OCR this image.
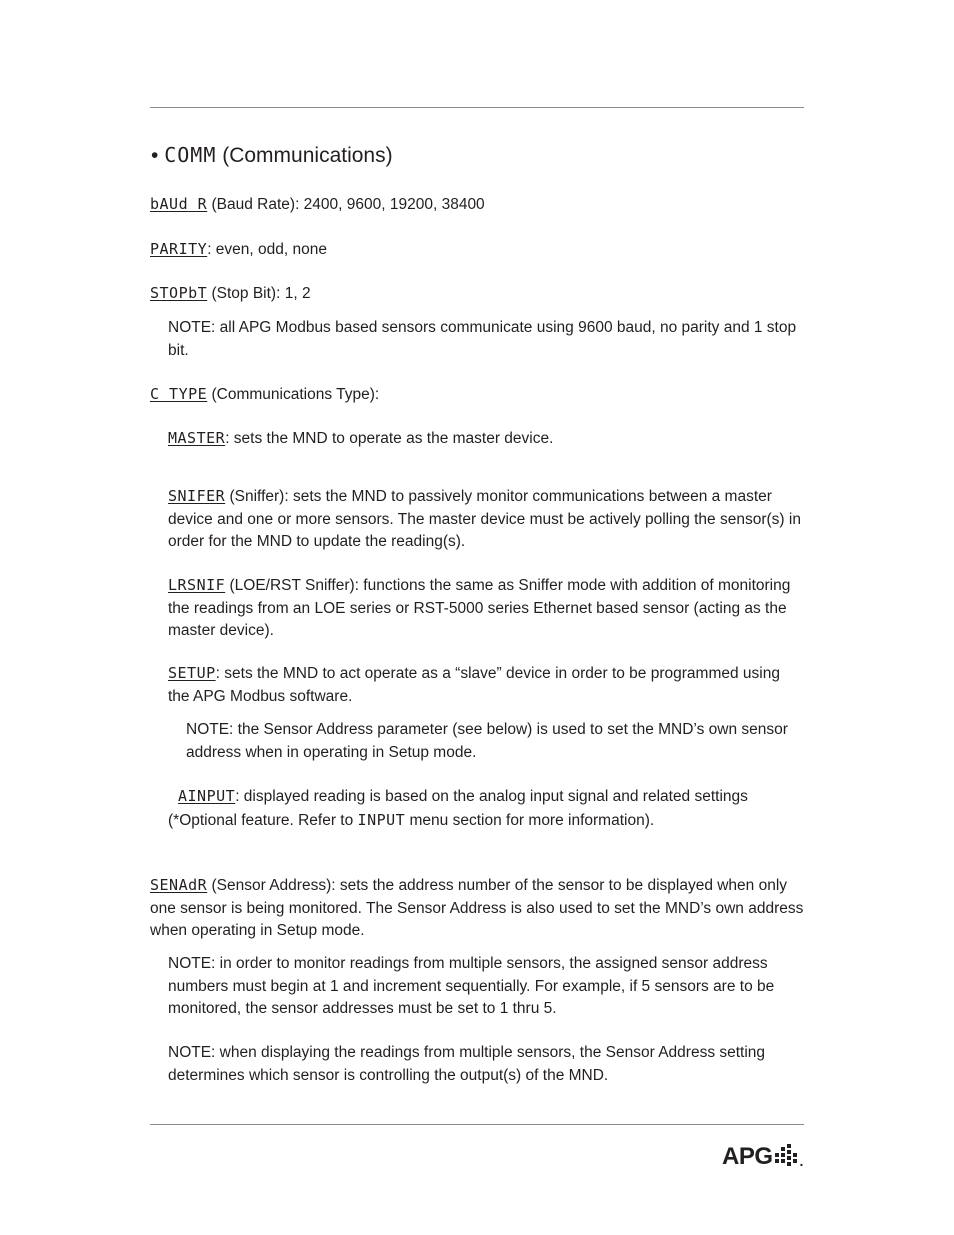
• COMM (Communications)
bAUd R (Baud Rate): 2400, 9600, 19200, 38400
PARITY: even, odd, none
STOPbT (Stop Bit): 1, 2
NOTE: all APG Modbus based sensors communicate using 9600 baud, no parity and 1 stop bit.
C TYPE (Communications Type):
MASTER: sets the MND to operate as the master device.
SNIFER (Sniffer): sets the MND to passively monitor communications between a master device and one or more sensors. The master device must be actively polling the sensor(s) in order for the MND to update the reading(s).
LRSNIF (LOE/RST Sniffer): functions the same as Sniffer mode with addition of monitoring the readings from an LOE series or RST-5000 series Ethernet based sensor (acting as the master device).
SETUP: sets the MND to act operate as a “slave” device in order to be programmed using the APG Modbus software.
NOTE: the Sensor Address parameter (see below) is used to set the MND’s own sensor address when in operating in Setup mode.
AINPUT: displayed reading is based on the analog input signal and related settings (*Optional feature. Refer to INPUT menu section for more information).
SENAdR (Sensor Address): sets the address number of the sensor to be displayed when only one sensor is being monitored. The Sensor Address is also used to set the MND’s own address when operating in Setup mode.
NOTE: in order to monitor readings from multiple sensors, the assigned sensor address numbers must begin at 1 and increment sequentially. For example, if 5 sensors are to be monitored, the sensor addresses must be set to 1 thru 5.
NOTE: when displaying the readings from multiple sensors, the Sensor Address setting determines which sensor is controlling the output(s) of the MND.
APG .
